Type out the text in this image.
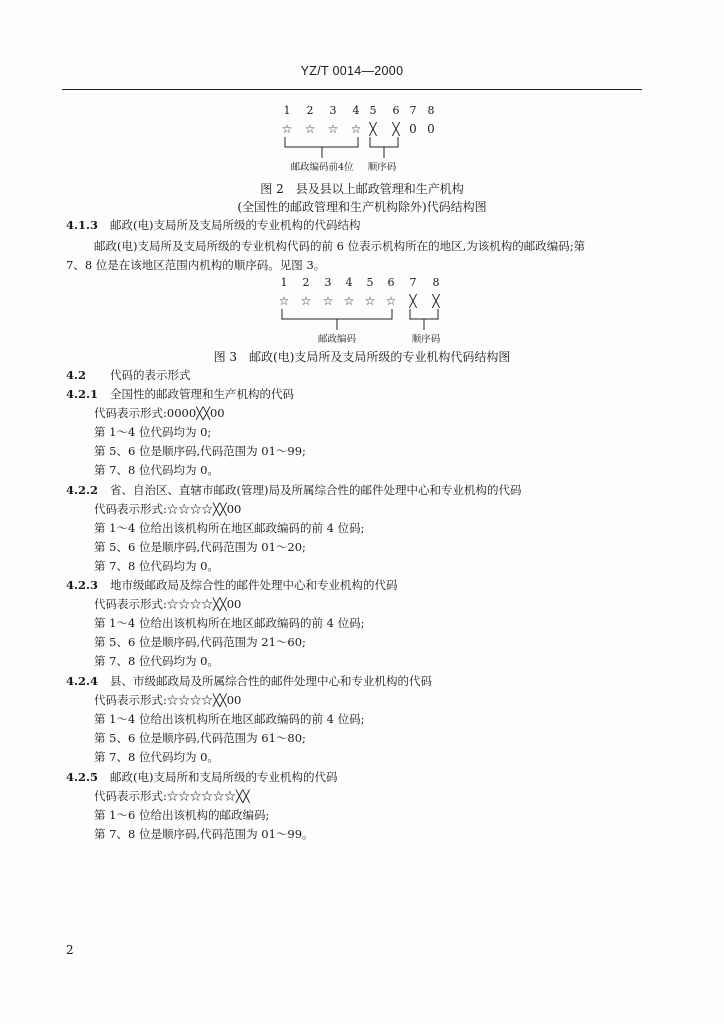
YZ/T 0014—2000
1 2 3 4 5 6 7 8
☆ ☆ ☆ ☆ ╳ ╳ 0 0
邮政编码前4位 顺序码
图 2　县及县以上邮政管理和生产机构
(全国性的邮政管理和生产机构除外)代码结构图
4.1.3 邮政(电)支局所及支局所级的专业机构的代码结构
邮政(电)支局所及支局所级的专业机构代码的前 6 位表示机构所在的地区,为该机构的邮政编码;第
7、8 位是在该地区范围内机构的顺序码。见图 3。
1 2 3 4 5 6 7 8
☆ ☆ ☆ ☆ ☆ ☆ ╳ ╳
邮政编码	顺序码
图 3　邮政(电)支局所及支局所级的专业机构代码结构图
4.2 代码的表示形式
4.2.1 全国性的邮政管理和生产机构的代码
代码表示形式:0000╳╳00
第 1～4 位代码均为 0;
第 5、6 位是顺序码,代码范围为 01～99;
第 7、8 位代码均为 0。
4.2.2 省、自治区、直辖市邮政(管理)局及所属综合性的邮件处理中心和专业机构的代码
代码表示形式:☆☆☆☆╳╳00
第 1～4 位给出该机构所在地区邮政编码的前 4 位码;
第 5、6 位是顺序码,代码范围为 01～20;
第 7、8 位代码均为 0。
4.2.3 地市级邮政局及综合性的邮件处理中心和专业机构的代码
代码表示形式:☆☆☆☆╳╳00
第 1～4 位给出该机构所在地区邮政编码的前 4 位码;
第 5、6 位是顺序码,代码范围为 21～60;
第 7、8 位代码均为 0。
4.2.4 县、市级邮政局及所属综合性的邮件处理中心和专业机构的代码
代码表示形式:☆☆☆☆╳╳00
第 1～4 位给出该机构所在地区邮政编码的前 4 位码;
第 5、6 位是顺序码,代码范围为 61～80;
第 7、8 位代码均为 0。
4.2.5 邮政(电)支局所和支局所级的专业机构的代码
代码表示形式:☆☆☆☆☆☆╳╳
第 1～6 位给出该机构的邮政编码;
第 7、8 位是顺序码,代码范围为 01～99。
2
